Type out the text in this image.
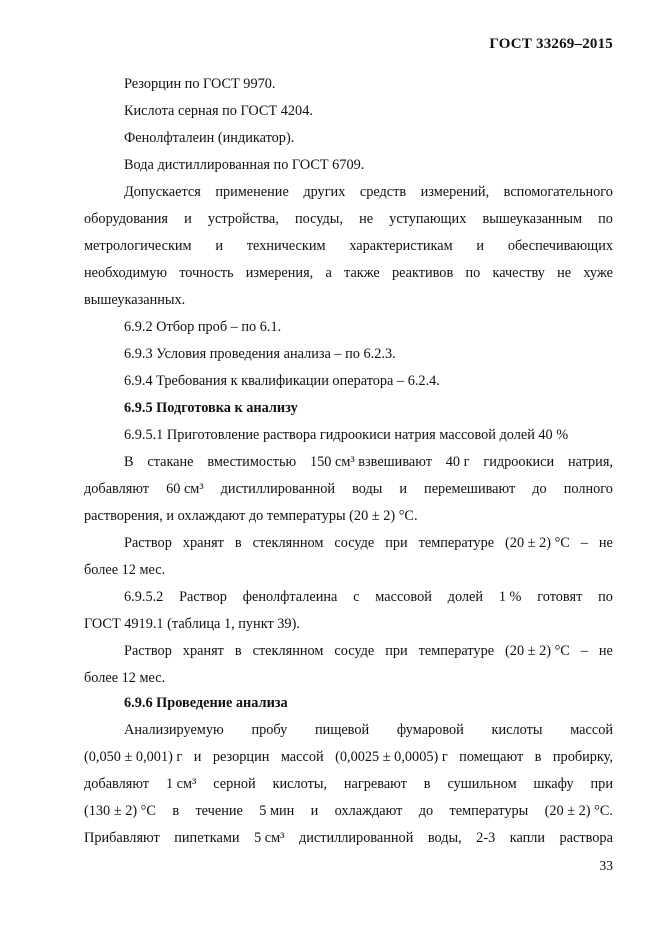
ГОСТ 33269–2015
Резорцин по ГОСТ 9970.
Кислота серная по ГОСТ 4204.
Фенолфталеин (индикатор).
Вода дистиллированная по ГОСТ 6709.
Допускается применение других средств измерений, вспомогательного
оборудования и устройства, посуды, не уступающих вышеуказанным по
метрологическим и техническим характеристикам и обеспечивающих
необходимую точность измерения, а также реактивов по качеству не хуже
вышеуказанных.
6.9.2 Отбор проб – по 6.1.
6.9.3 Условия проведения анализа – по 6.2.3.
6.9.4 Требования к квалификации оператора – 6.2.4.
6.9.5 Подготовка к анализу
6.9.5.1 Приготовление раствора гидроокиси натрия массовой долей 40 %
В стакане вместимостью 150 см³ взвешивают 40 г гидроокиси натрия,
добавляют 60 см³ дистиллированной воды и перемешивают до полного
растворения, и охлаждают до температуры (20 ± 2) °С.
Раствор хранят в стеклянном сосуде при температуре (20 ± 2) °С – не
более 12 мес.
6.9.5.2 Раствор фенолфталеина с массовой долей 1 % готовят по
ГОСТ 4919.1 (таблица 1, пункт 39).
Раствор хранят в стеклянном сосуде при температуре (20 ± 2) °С – не
более 12 мес.
6.9.6 Проведение анализа
Анализируемую пробу пищевой фумаровой кислоты массой
(0,050 ± 0,001) г и резорцин массой (0,0025 ± 0,0005) г помещают в пробирку,
добавляют 1 см³ серной кислоты, нагревают в сушильном шкафу при
(130 ± 2) °С в течение 5 мин и охлаждают до температуры (20 ± 2) °С.
Прибавляют пипетками 5 см³ дистиллированной воды, 2-3 капли раствора
33
